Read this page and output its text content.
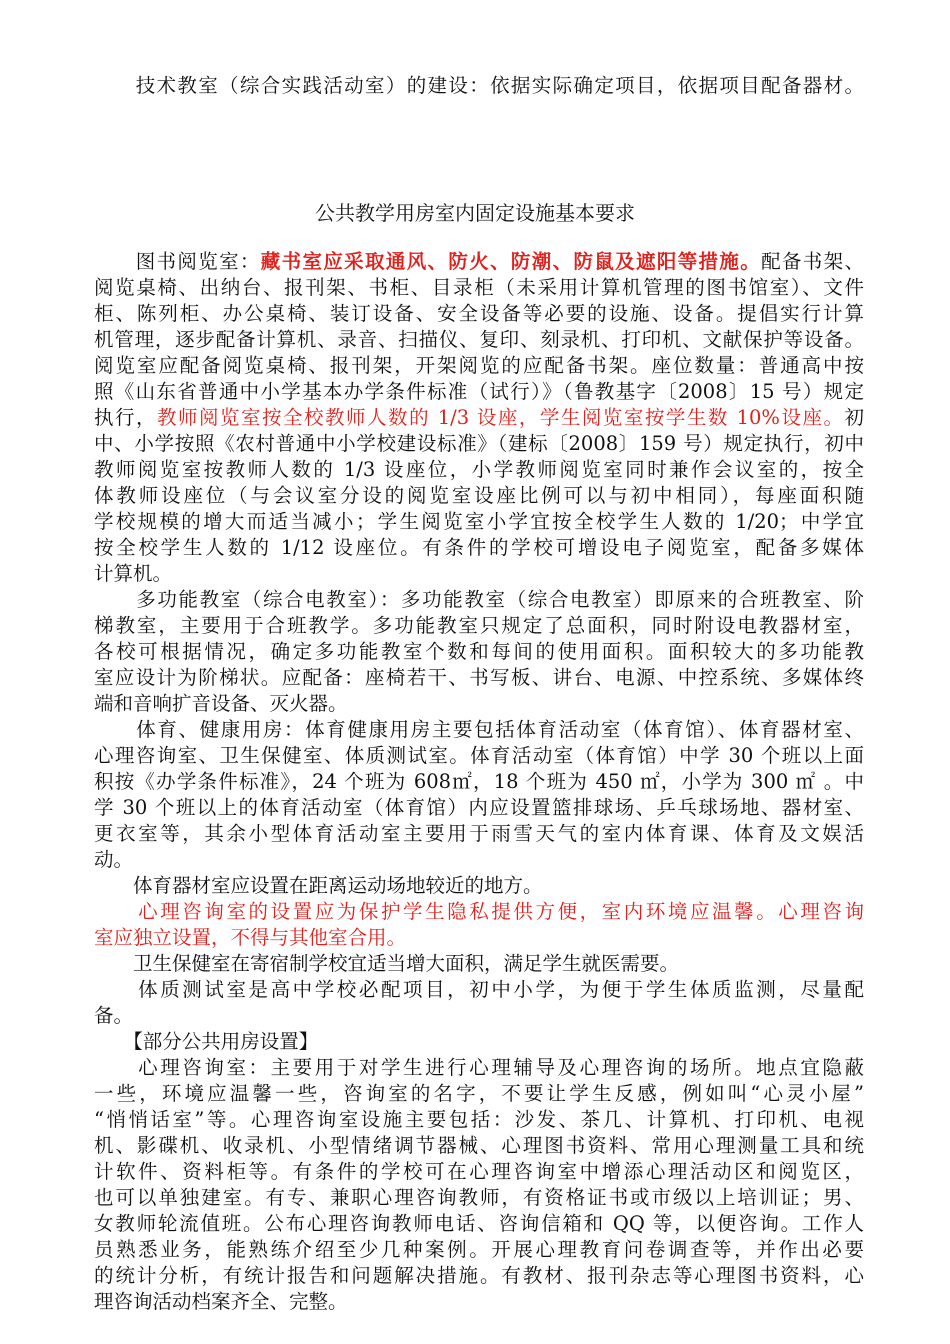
　　技术教室（综合实践活动室）的建设：依据实际确定项目，依据项目配备器材。
公共教学用房室内固定设施基本要求
　　图书阅览室：藏书室应采取通风、防火、防潮、防鼠及遮阳等措施。配备书架、
阅览桌椅、出纳台、报刊架、书柜、目录柜（未采用计算机管理的图书馆室）、文件
柜、陈列柜、办公桌椅、装订设备、安全设备等必要的设施、设备。提倡实行计算
机管理，逐步配备计算机、录音、扫描仪、复印、刻录机、打印机、文献保护等设备。
阅览室应配备阅览桌椅、报刊架，开架阅览的应配备书架。座位数量：普通高中按
照《山东省普通中小学基本办学条件标准（试行）》（鲁教基字〔2008〕15 号）规定
执行，教师阅览室按全校教师人数的 1/3 设座，学生阅览室按学生数 10%设座。初
中、小学按照《农村普通中小学校建设标准》（建标〔2008〕159 号）规定执行，初中
教师阅览室按教师人数的 1/3 设座位，小学教师阅览室同时兼作会议室的，按全
体教师设座位（与会议室分设的阅览室设座比例可以与初中相同），每座面积随
学校规模的增大而适当减小；学生阅览室小学宜按全校学生人数的 1/20；中学宜
按全校学生人数的 1/12 设座位。有条件的学校可增设电子阅览室，配备多媒体
计算机。
　　多功能教室（综合电教室）：多功能教室（综合电教室）即原来的合班教室、阶
梯教室，主要用于合班教学。多功能教室只规定了总面积，同时附设电教器材室，
各校可根据情况，确定多功能教室个数和每间的使用面积。面积较大的多功能教
室应设计为阶梯状。应配备：座椅若干、书写板、讲台、电源、中控系统、多媒体终
端和音响扩音设备、灭火器。
　　体育、健康用房：体育健康用房主要包括体育活动室（体育馆）、体育器材室、
心理咨询室、卫生保健室、体质测试室。体育活动室（体育馆）中学 30 个班以上面
积按《办学条件标准》，24 个班为 608㎡，18 个班为 450 ㎡，小学为 300 ㎡ 。中
学 30 个班以上的体育活动室（体育馆）内应设置篮排球场、乒乓球场地、器材室、
更衣室等，其余小型体育活动室主要用于雨雪天气的室内体育课、体育及文娱活
动。
　　体育器材室应设置在距离运动场地较近的地方。
　　心理咨询室的设置应为保护学生隐私提供方便，室内环境应温馨。心理咨询
室应独立设置，不得与其他室合用。
　　卫生保健室在寄宿制学校宜适当增大面积，满足学生就医需要。
　　体质测试室是高中学校必配项目，初中小学，为便于学生体质监测，尽量配
备。
　　【部分公共用房设置】
　　心理咨询室：主要用于对学生进行心理辅导及心理咨询的场所。地点宜隐蔽
一些，环境应温馨一些，咨询室的名字，不要让学生反感，例如叫“心灵小屋”
“悄悄话室”等。心理咨询室设施主要包括：沙发、茶几、计算机、打印机、电视
机、影碟机、收录机、小型情绪调节器械、心理图书资料、常用心理测量工具和统
计软件、资料柜等。有条件的学校可在心理咨询室中增添心理活动区和阅览区，
也可以单独建室。有专、兼职心理咨询教师，有资格证书或市级以上培训证；男、
女教师轮流值班。公布心理咨询教师电话、咨询信箱和 QQ 等，以便咨询。工作人
员熟悉业务，能熟练介绍至少几种案例。开展心理教育问卷调查等，并作出必要
的统计分析，有统计报告和问题解决措施。有教材、报刊杂志等心理图书资料，心
理咨询活动档案齐全、完整。
